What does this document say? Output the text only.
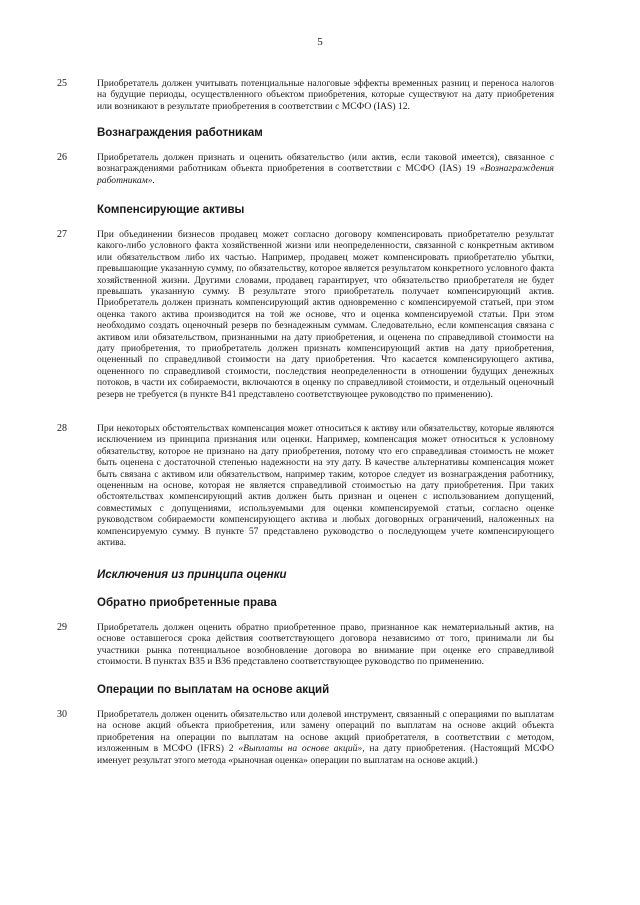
5
25	Приобретатель должен учитывать потенциальные налоговые эффекты временных разниц и переноса налогов на будущие периоды, осуществленного объектом приобретения, которые существуют на дату приобретения или возникают в результате приобретения в соответствии с МСФО (IAS) 12.

Вознаграждения работникам
26	Приобретатель должен признать и оценить обязательство (или актив, если таковой имеется), связанное с вознаграждениями работникам объекта приобретения в соответствии с МСФО (IAS) 19 «Вознаграждения работникам».

Компенсирующие активы
27	При объединении бизнесов продавец может согласно договору компенсировать приобретателю результат какого-либо условного факта хозяйственной жизни или неопределенности, связанной с конкретным активом или обязательством либо их частью. Например, продавец может компенсировать приобретателю убытки, превышающие указанную сумму, по обязательству, которое является результатом конкретного условного факта хозяйственной жизни. Другими словами, продавец гарантирует, что обязательство приобретателя не будет превышать указанную сумму. В результате этого приобретатель получает компенсирующий актив. Приобретатель должен признать компенсирующий актив одновременно с компенсируемой статьей, при этом оценка такого актива производится на той же основе, что и оценка компенсируемой статьи. При этом необходимо создать оценочный резерв по безнадежным суммам. Следовательно, если компенсация связана с активом или обязательством, признанными на дату приобретения, и оценена по справедливой стоимости на дату приобретения, то приобретатель должен признать компенсирующий актив на дату приобретения, оцененный по справедливой стоимости на дату приобретения. Что касается компенсирующего актива, оцененного по справедливой стоимости, последствия неопределенности в отношении будущих денежных потоков, в части их собираемости, включаются в оценку по справедливой стоимости, и отдельный оценочный резерв не требуется (в пункте B41 представлено соответствующее руководство по применению).

28	При некоторых обстоятельствах компенсация может относиться к активу или обязательству, которые являются исключением из принципа признания или оценки. Например, компенсация может относиться к условному обязательству, которое не признано на дату приобретения, потому что его справедливая стоимость не может быть оценена с достаточной степенью надежности на эту дату. В качестве альтернативы компенсация может быть связана с активом или обязательством, например таким, которое следует из вознаграждения работнику, оцененным на основе, которая не является справедливой стоимостью на дату приобретения. При таких обстоятельствах компенсирующий актив должен быть признан и оценен с использованием допущений, совместимых с допущениями, используемыми для оценки компенсируемой статьи, согласно оценке руководством собираемости компенсирующего актива и любых договорных ограничений, наложенных на компенсируемую сумму. В пункте 57 представлено руководство о последующем учете компенсирующего актива.

Исключения из принципа оценки
Обратно приобретенные права
29	Приобретатель должен оценить обратно приобретенное право, признанное как нематериальный актив, на основе оставшегося срока действия соответствующего договора независимо от того, принимали ли бы участники рынка потенциальное возобновление договора во внимание при оценке его справедливой стоимости. В пунктах B35 и B36 представлено соответствующее руководство по применению.

Операции по выплатам на основе акций
30	Приобретатель должен оценить обязательство или долевой инструмент, связанный с операциями по выплатам на основе акций объекта приобретения, или замену операций по выплатам на основе акций объекта приобретения на операции по выплатам на основе акций приобретателя, в соответствии с методом, изложенным в МСФО (IFRS) 2 «Выплаты на основе акций», на дату приобретения. (Настоящий МСФО именует результат этого метода «рыночная оценка» операции по выплатам на основе акций.)
